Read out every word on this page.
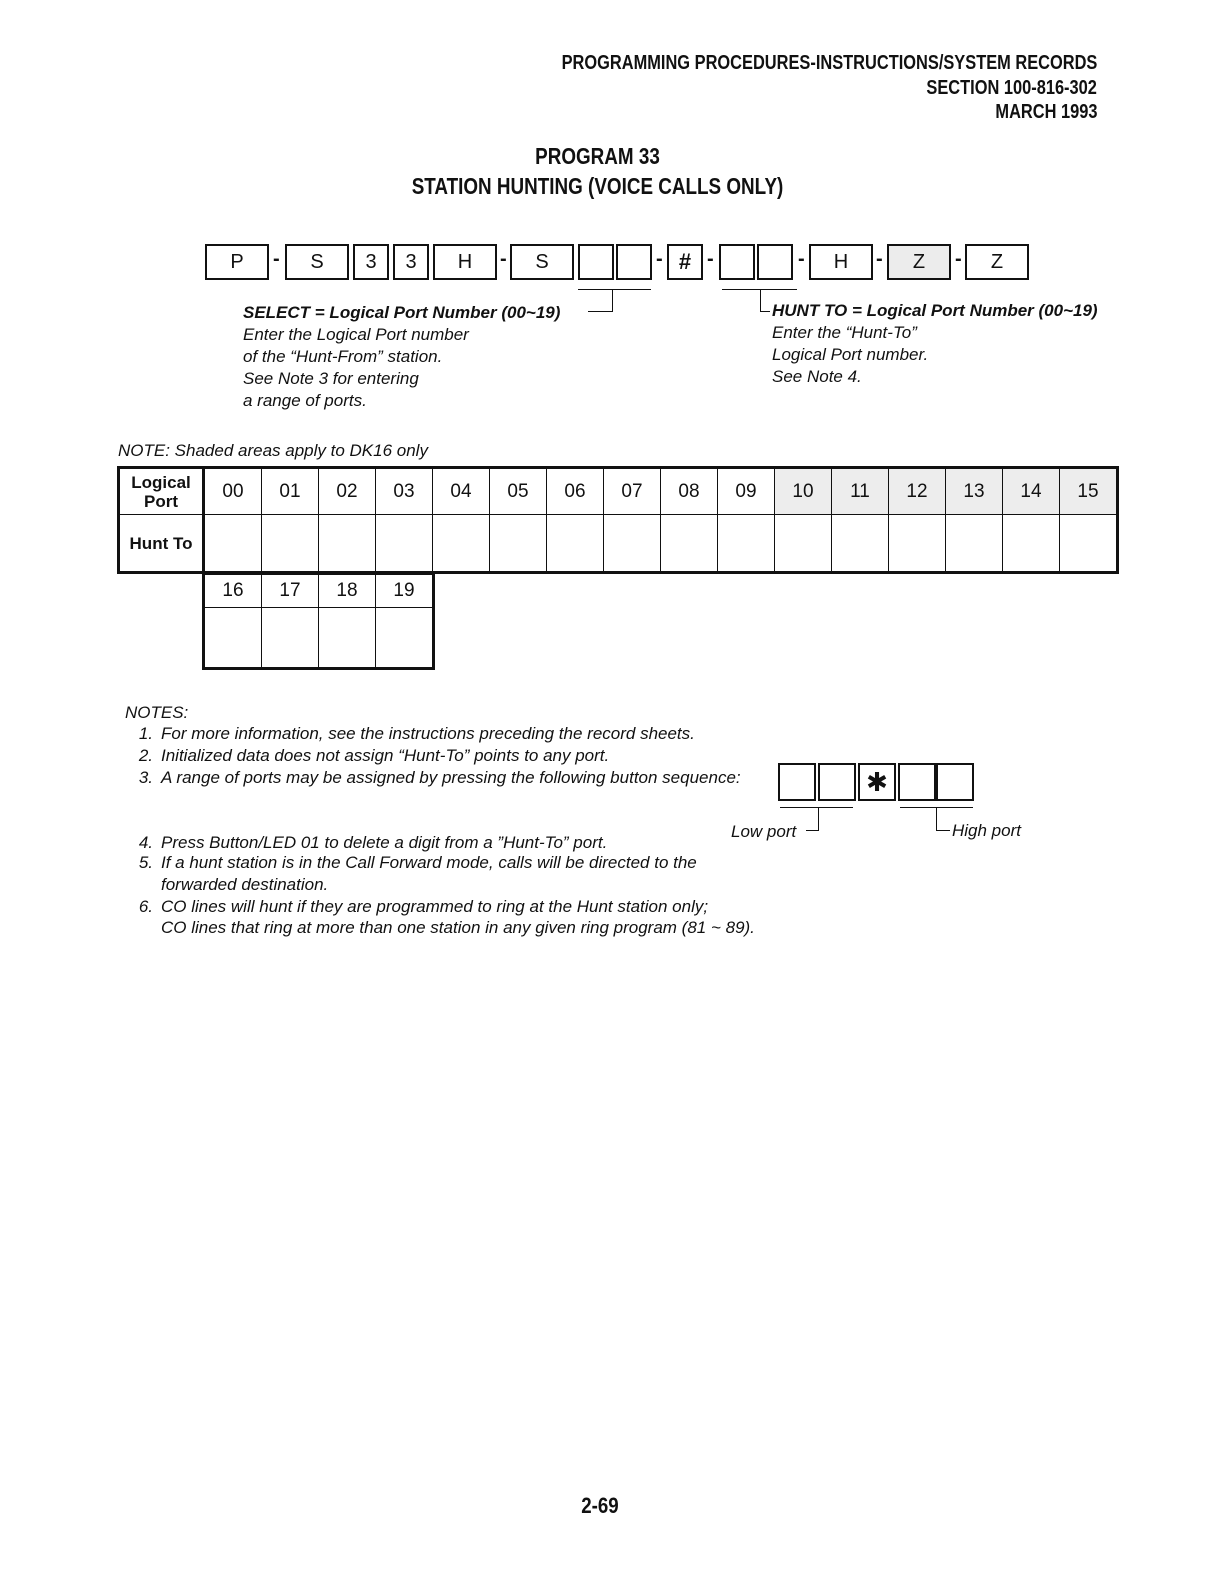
PROGRAMMING PROCEDURES-INSTRUCTIONS/SYSTEM RECORDS
SECTION 100-816-302
MARCH 1993
PROGRAM 33
STATION HUNTING (VOICE CALLS ONLY)
P	-	S	3	3	H	-	S	- # -	-	H	-	Z	-	Z
SELECT = Logical Port Number (00~19)
Enter the Logical Port number
of the “Hunt-From” station.
See Note 3 for entering
a range of ports.
HUNT TO = Logical Port Number (00~19)
Enter the “Hunt-To”
Logical Port number.
See Note 4.
NOTE: Shaded areas apply to DK16 only
Logical Port	00	01	02	03	04	05	06	07	08	09	10	11	12	13	14	15
Hunt To																
16	17	18	19

NOTES:
1. For more information, see the instructions preceding the record sheets.
2. Initialized data does not assign “Hunt-To” points to any port.
3. A range of ports may be assigned by pressing the following button sequence:	✱
Low port	High port
4. Press Button/LED 01 to delete a digit from a ”Hunt-To” port.
5. If a hunt station is in the Call Forward mode, calls will be directed to the
forwarded destination.
6. CO lines will hunt if they are programmed to ring at the Hunt station only;
CO lines that ring at more than one station in any given ring program (81 ~ 89).
2-69
